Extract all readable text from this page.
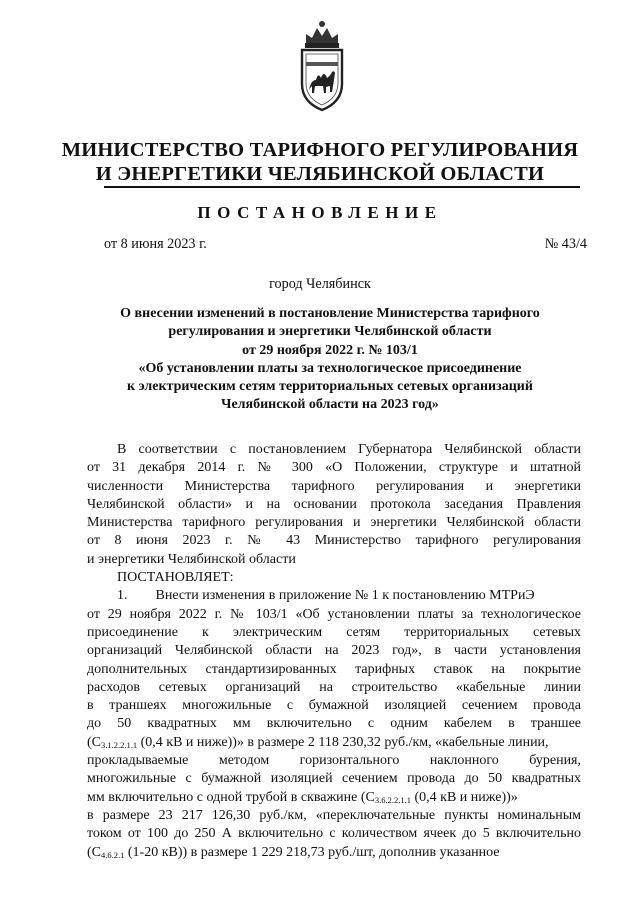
МИНИСТЕРСТВО ТАРИФНОГО РЕГУЛИРОВАНИЯ
И ЭНЕРГЕТИКИ ЧЕЛЯБИНСКОЙ ОБЛАСТИ
ПОСТАНОВЛЕНИЕ
от 8 июня 2023 г.	№ 43/4
город Челябинск
О внесении изменений в постановление Министерства тарифного
регулирования и энергетики Челябинской области
от 29 ноября 2022 г. № 103/1
«Об установлении платы за технологическое присоединение
к электрическим сетям территориальных сетевых организаций
Челябинской области на 2023 год»
В соответствии с постановлением Губернатора Челябинской области
от 31 декабря 2014 г. № 300 «О Положении, структуре и штатной
численности Министерства тарифного регулирования и энергетики
Челябинской области» и на основании протокола заседания Правления
Министерства тарифного регулирования и энергетики Челябинской области
от 8 июня 2023 г. № 43 Министерство тарифного регулирования
и энергетики Челябинской области
ПОСТАНОВЛЯЕТ:
1. Внести изменения в приложение № 1 к постановлению МТРиЭ
от 29 ноября 2022 г. № 103/1 «Об установлении платы за технологическое
присоединение к электрическим сетям территориальных сетевых
организаций Челябинской области на 2023 год», в части установления
дополнительных стандартизированных тарифных ставок на покрытие
расходов сетевых организаций на строительство «кабельные линии
в траншеях многожильные с бумажной изоляцией сечением провода
до 50 квадратных мм включительно с одним кабелем в траншее
($С_{3.1.2.2.1.1}$ (0,4 кВ и ниже))» в размере 2 118 230,32 руб./км, «кабельные линии,
прокладываемые методом горизонтального наклонного бурения,
многожильные с бумажной изоляцией сечением провода до 50 квадратных
мм включительно с одной трубой в скважине ($С_{3.6.2.2.1.1}$ (0,4 кВ и ниже))»
в размере 23 217 126,30 руб./км, «переключательные пункты номинальным
током от 100 до 250 А включительно с количеством ячеек до 5 включительно
($С_{4.6.2.1}$ (1-20 кВ)) в размере 1 229 218,73 руб./шт, дополнив указанное
